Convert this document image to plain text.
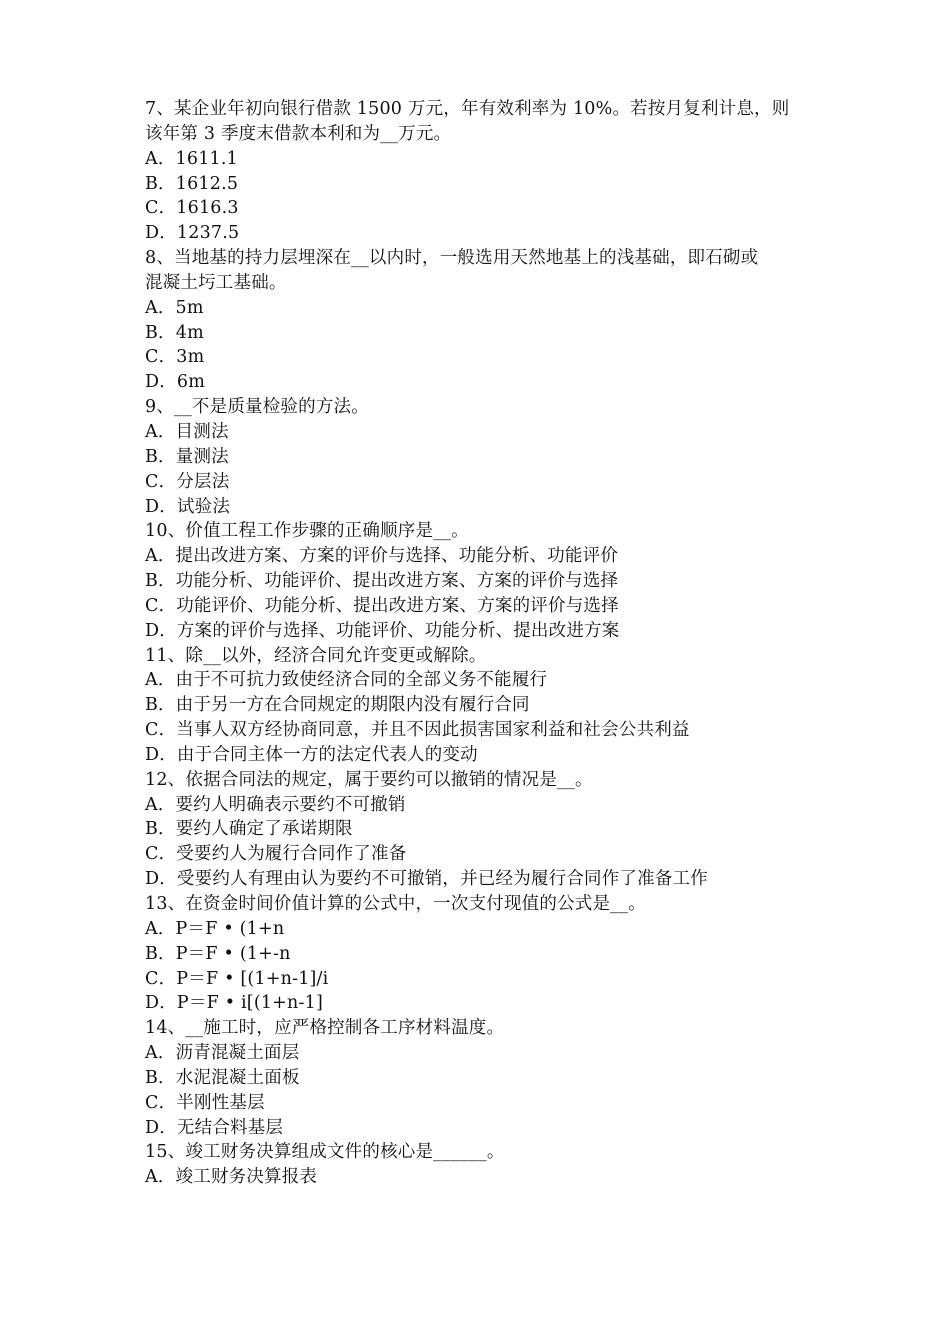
7、某企业年初向银行借款 1500 万元，年有效利率为 10%。若按月复利计息，则
该年第 3 季度末借款本利和为__万元。
A．1611.1
B．1612.5
C．1616.3
D．1237.5
8、当地基的持力层埋深在__以内时，一般选用天然地基上的浅基础，即石砌或
混凝土圬工基础。
A．5m
B．4m
C．3m
D．6m
9、__不是质量检验的方法。
A．目测法
B．量测法
C．分层法
D．试验法
10、价值工程工作步骤的正确顺序是__。
A．提出改进方案、方案的评价与选择、功能分析、功能评价
B．功能分析、功能评价、提出改进方案、方案的评价与选择
C．功能评价、功能分析、提出改进方案、方案的评价与选择
D．方案的评价与选择、功能评价、功能分析、提出改进方案
11、除__以外，经济合同允许变更或解除。
A．由于不可抗力致使经济合同的全部义务不能履行
B．由于另一方在合同规定的期限内没有履行合同
C．当事人双方经协商同意，并且不因此损害国家利益和社会公共利益
D．由于合同主体一方的法定代表人的变动
12、依据合同法的规定，属于要约可以撤销的情况是__。
A．要约人明确表示要约不可撤销
B．要约人确定了承诺期限
C．受要约人为履行合同作了准备
D．受要约人有理由认为要约不可撤销，并已经为履行合同作了准备工作
13、在资金时间价值计算的公式中，一次支付现值的公式是__。
A．P＝F • (1+n
B．P＝F • (1+-n
C．P＝F • [(1+n-1]/i
D．P＝F • i[(1+n-1]
14、__施工时，应严格控制各工序材料温度。
A．沥青混凝土面层
B．水泥混凝土面板
C．半刚性基层
D．无结合料基层
15、竣工财务决算组成文件的核心是______。
A．竣工财务决算报表
